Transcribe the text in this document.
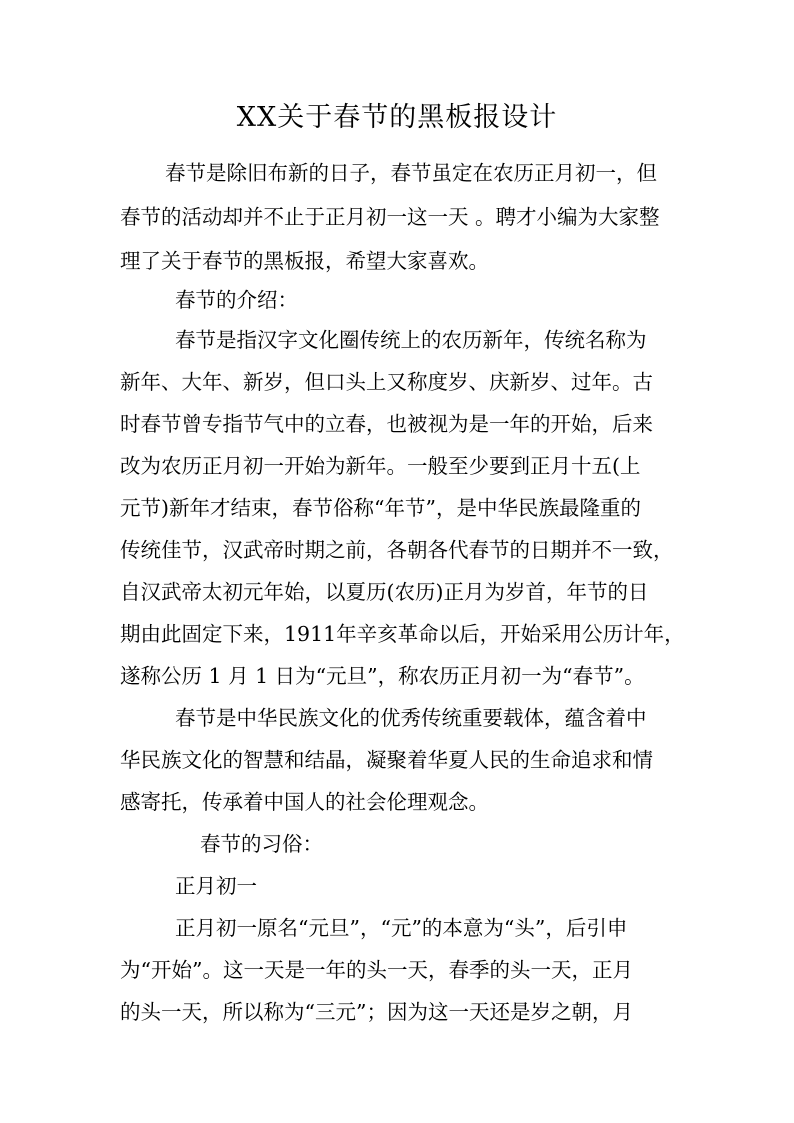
XX关于春节的黑板报设计
春节是除旧布新的日子，春节虽定在农历正月初一，但
春节的活动却并不止于正月初一这一天 。聘才小编为大家整
理了关于春节的黑板报，希望大家喜欢。
春节的介绍：
春节是指汉字文化圈传统上的农历新年，传统名称为
新年、大年、新岁，但口头上又称度岁、庆新岁、过年。古
时春节曾专指节气中的立春，也被视为是一年的开始，后来
改为农历正月初一开始为新年。一般至少要到正月十五(上
元节)新年才结束，春节俗称“年节”，是中华民族最隆重的
传统佳节，汉武帝时期之前，各朝各代春节的日期并不一致，
自汉武帝太初元年始，以夏历(农历)正月为岁首，年节的日
期由此固定下来，1911年辛亥革命以后，开始采用公历计年，
遂称公历 1 月 1 日为“元旦”，称农历正月初一为“春节”。
春节是中华民族文化的优秀传统重要载体，蕴含着中
华民族文化的智慧和结晶，凝聚着华夏人民的生命追求和情
感寄托，传承着中国人的社会伦理观念。
春节的习俗：
正月初一
正月初一原名“元旦”，“元”的本意为“头”，后引申
为“开始”。这一天是一年的头一天，春季的头一天，正月
的头一天，所以称为“三元”；因为这一天还是岁之朝，月
